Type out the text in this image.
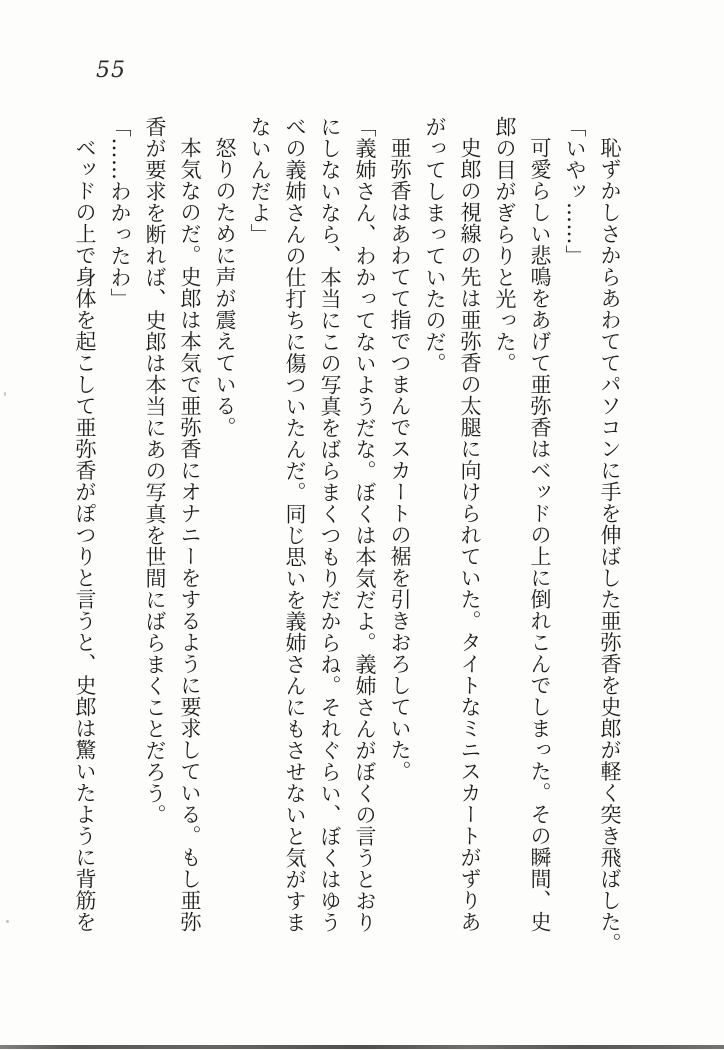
55
恥ずかしさからあわててパソコンに手を伸ばした亜弥香を史郎が軽く突き飛ばした。
「いやッ……」
可愛らしい悲鳴をあげて亜弥香はベッドの上に倒れこんでしまった。その瞬間、史
郎の目がぎらりと光った。
史郎の視線の先は亜弥香の太腿に向けられていた。タイトなミニスカートがずりあ
がってしまっていたのだ。
亜弥香はあわてて指でつまんでスカートの裾を引きおろしていた。
「義姉さん、わかってないようだな。ぼくは本気だよ。義姉さんがぼくの言うとおり
にしないなら、本当にこの写真をばらまくつもりだからね。それぐらい、ぼくはゆう
べの義姉さんの仕打ちに傷ついたんだ。同じ思いを義姉さんにもさせないと気がすま
ないんだよ」
怒りのために声が震えている。
本気なのだ。史郎は本気で亜弥香にオナニーをするように要求している。もし亜弥
香が要求を断れば、史郎は本当にあの写真を世間にばらまくことだろう。
「……わかったわ」
ベッドの上で身体を起こして亜弥香がぽつりと言うと、史郎は驚いたように背筋を
